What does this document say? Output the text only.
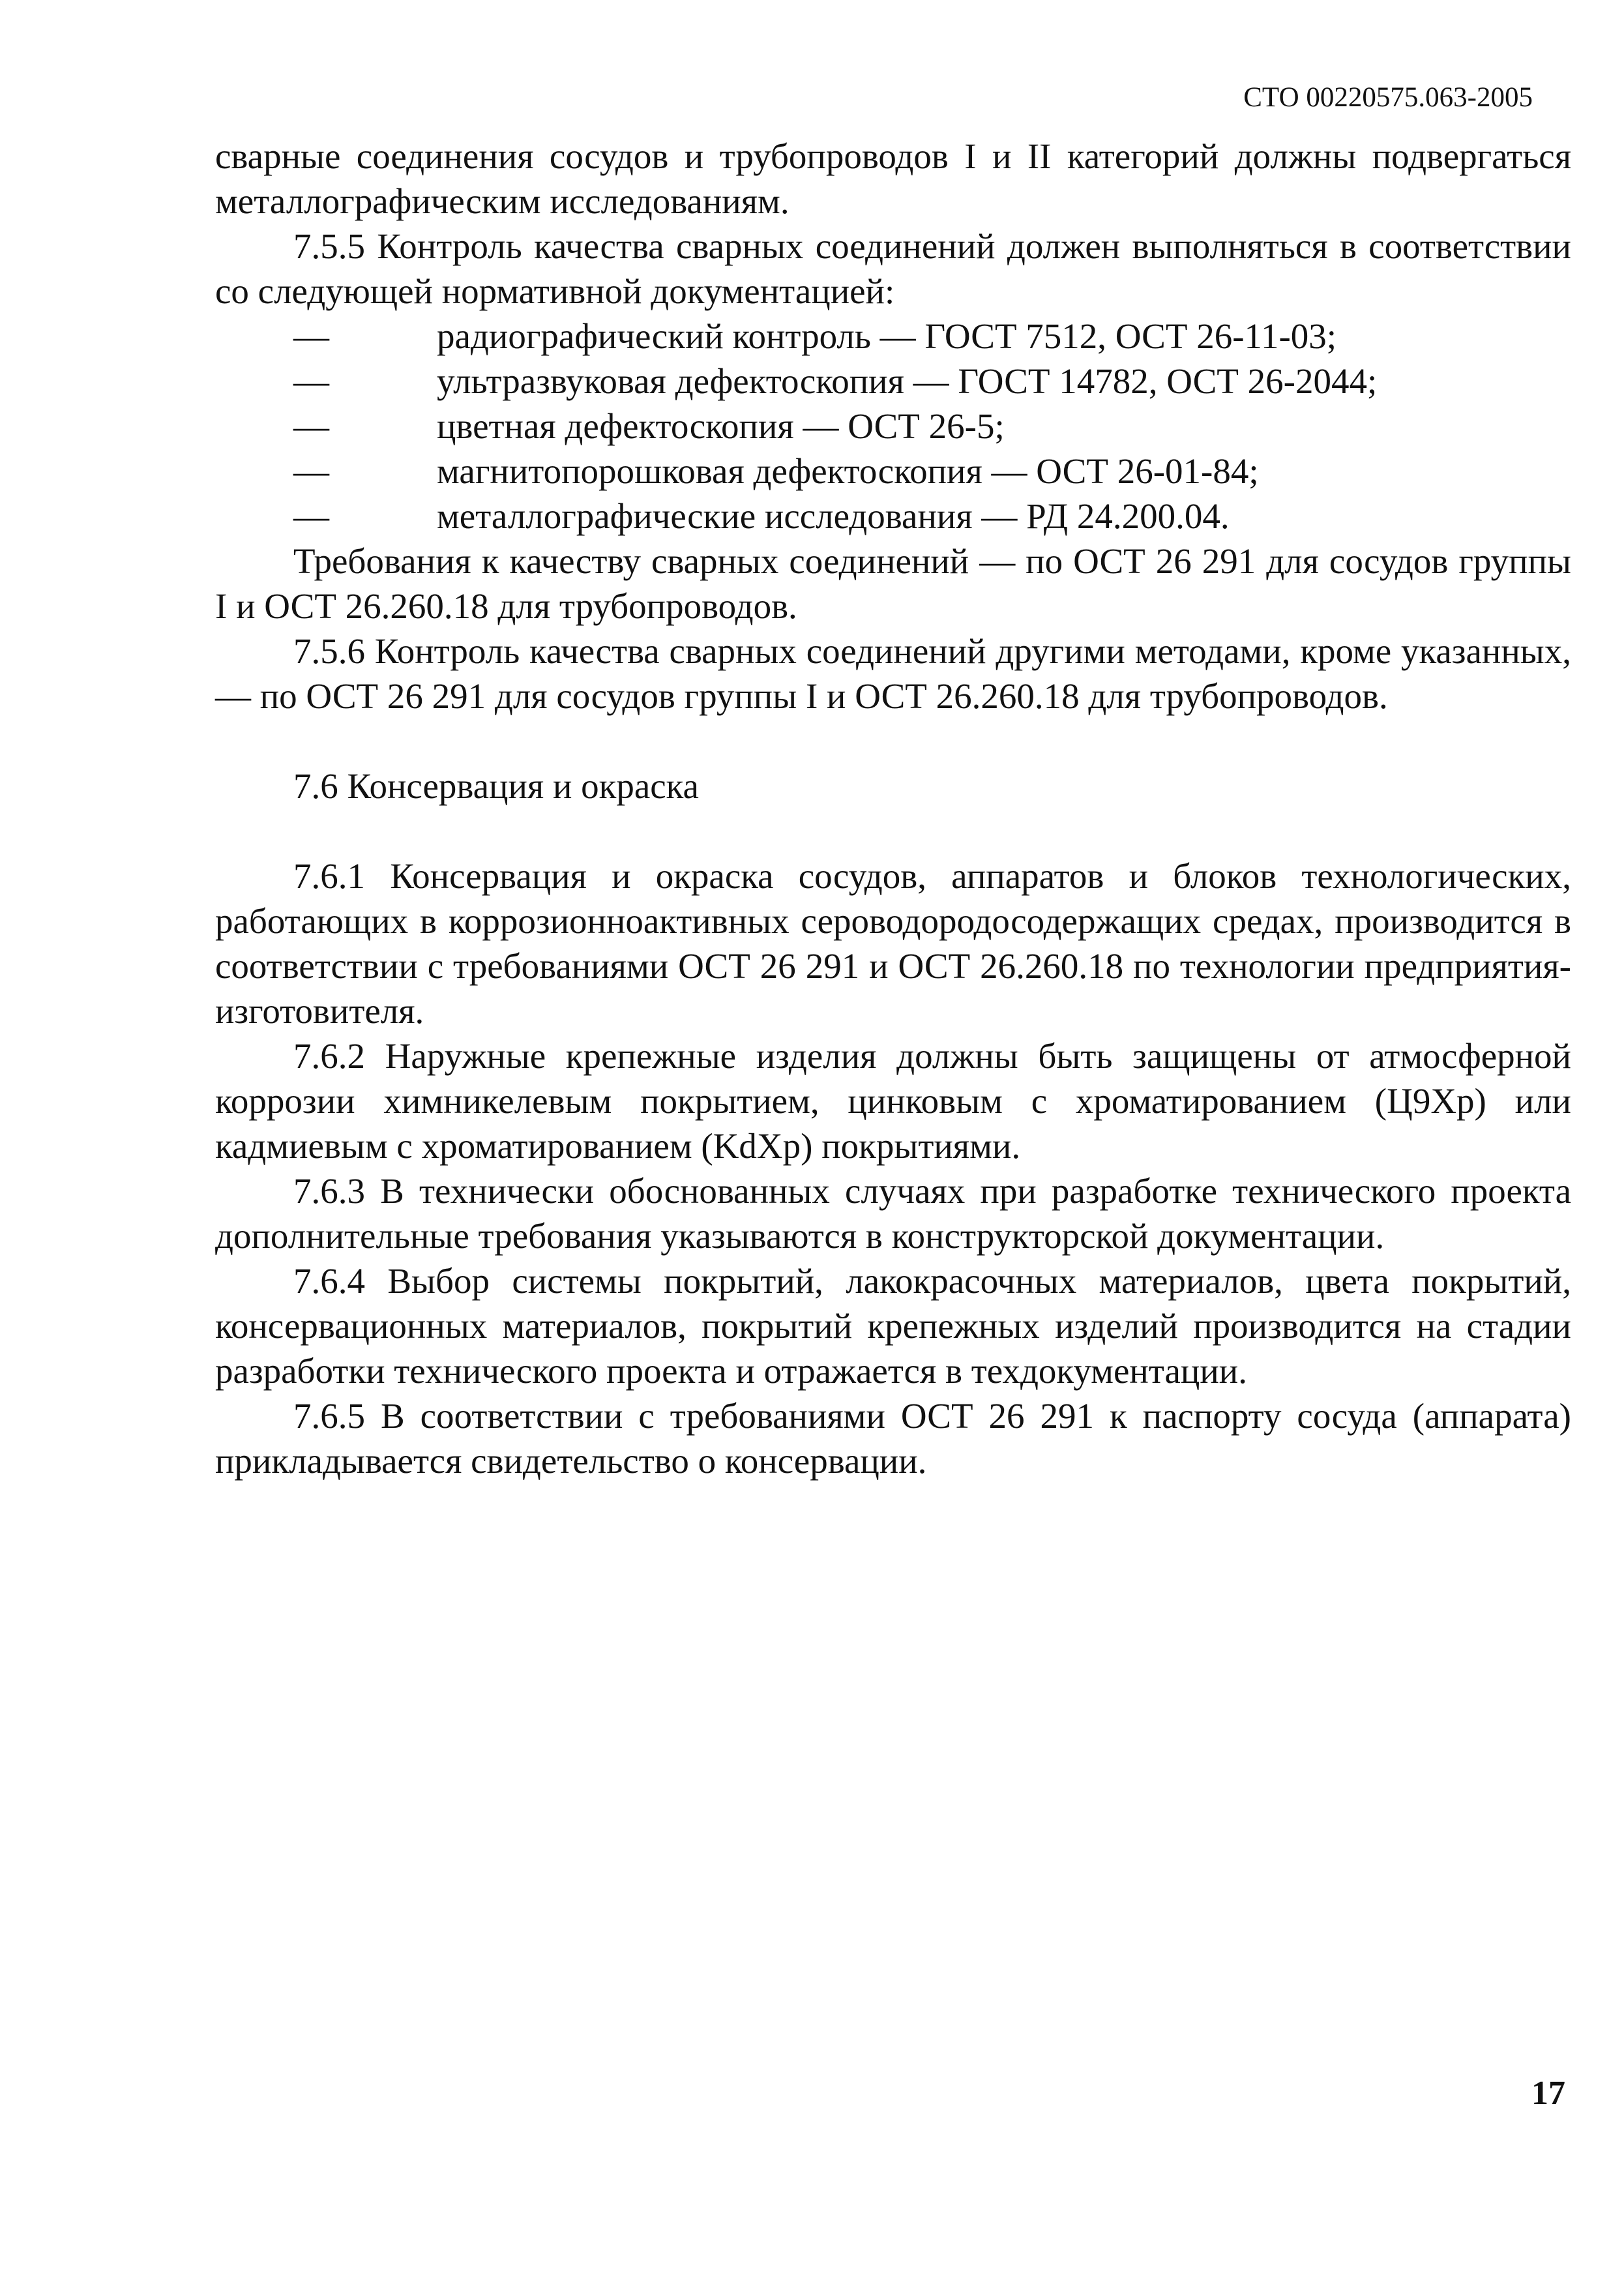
СТО 00220575.063-2005

сварные соединения сосудов и трубопроводов I и II категорий должны подвергаться металлографическим исследованиям.

7.5.5 Контроль качества сварных соединений должен выполняться в соответствии со следующей нормативной документацией:

—	радиографический контроль — ГОСТ 7512, ОСТ 26-11-03;
—	ультразвуковая дефектоскопия — ГОСТ 14782, ОСТ 26-2044;
—	цветная дефектоскопия — ОСТ 26-5;
—	магнитопорошковая дефектоскопия — ОСТ 26-01-84;
—	металлографические исследования — РД 24.200.04.

Требования к качеству сварных соединений — по ОСТ 26 291 для сосудов группы I и ОСТ 26.260.18 для трубопроводов.

7.5.6 Контроль качества сварных соединений другими методами, кроме указанных, — по ОСТ 26 291 для сосудов группы I и ОСТ 26.260.18 для трубопроводов.

7.6 Консервация и окраска

7.6.1 Консервация и окраска сосудов, аппаратов и блоков технологических, работающих в коррозионноактивных сероводородосодержащих средах, производится в соответствии с требованиями ОСТ 26 291 и ОСТ 26.260.18 по технологии предприятия-изготовителя.

7.6.2 Наружные крепежные изделия должны быть защищены от атмосферной коррозии химникелевым покрытием, цинковым с хроматированием (Ц9Хр) или кадмиевым с хроматированием (KdXp) покрытиями.

7.6.3 В технически обоснованных случаях при разработке технического проекта дополнительные требования указываются в конструкторской документации.

7.6.4 Выбор системы покрытий, лакокрасочных материалов, цвета покрытий, консервационных материалов, покрытий крепежных изделий производится на стадии разработки технического проекта и отражается в техдокументации.

7.6.5 В соответствии с требованиями ОСТ 26 291 к паспорту сосуда (аппарата) прикладывается свидетельство о консервации.

17
